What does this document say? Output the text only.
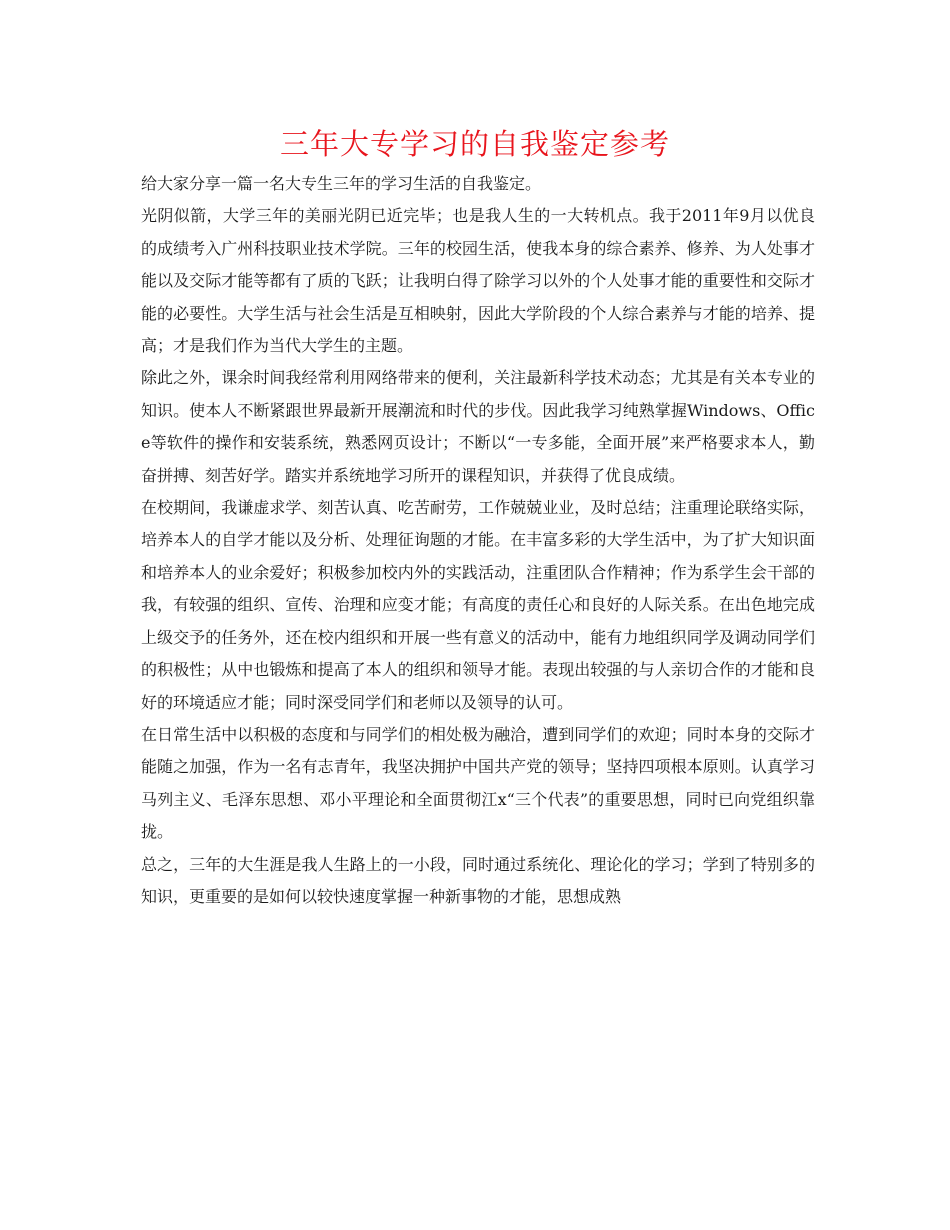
三年大专学习的自我鉴定参考

给大家分享一篇一名大专生三年的学习生活的自我鉴定。

光阴似箭，大学三年的美丽光阴已近完毕；也是我人生的一大转机点。我于2011年9月以优良的成绩考入广州科技职业技术学院。三年的校园生活，使我本身的综合素养、修养、为人处事才能以及交际才能等都有了质的飞跃；让我明白得了除学习以外的个人处事才能的重要性和交际才能的必要性。大学生活与社会生活是互相映射，因此大学阶段的个人综合素养与才能的培养、提高；才是我们作为当代大学生的主题。

除此之外，课余时间我经常利用网络带来的便利，关注最新科学技术动态；尤其是有关本专业的知识。使本人不断紧跟世界最新开展潮流和时代的步伐。因此我学习纯熟掌握Windows、Office等软件的操作和安装系统，熟悉网页设计；不断以“一专多能，全面开展”来严格要求本人，勤奋拼搏、刻苦好学。踏实并系统地学习所开的课程知识，并获得了优良成绩。

在校期间，我谦虚求学、刻苦认真、吃苦耐劳，工作兢兢业业，及时总结；注重理论联络实际，培养本人的自学才能以及分析、处理征询题的才能。在丰富多彩的大学生活中，为了扩大知识面和培养本人的业余爱好；积极参加校内外的实践活动，注重团队合作精神；作为系学生会干部的我，有较强的组织、宣传、治理和应变才能；有高度的责任心和良好的人际关系。在出色地完成上级交予的任务外，还在校内组织和开展一些有意义的活动中，能有力地组织同学及调动同学们的积极性；从中也锻炼和提高了本人的组织和领导才能。表现出较强的与人亲切合作的才能和良好的环境适应才能；同时深受同学们和老师以及领导的认可。

在日常生活中以积极的态度和与同学们的相处极为融洽，遭到同学们的欢迎；同时本身的交际才能随之加强，作为一名有志青年，我坚决拥护中国共产党的领导；坚持四项根本原则。认真学习马列主义、毛泽东思想、邓小平理论和全面贯彻江x“三个代表”的重要思想，同时已向党组织靠拢。

总之，三年的大生涯是我人生路上的一小段，同时通过系统化、理论化的学习；学到了特别多的知识，更重要的是如何以较快速度掌握一种新事物的才能，思想成熟
